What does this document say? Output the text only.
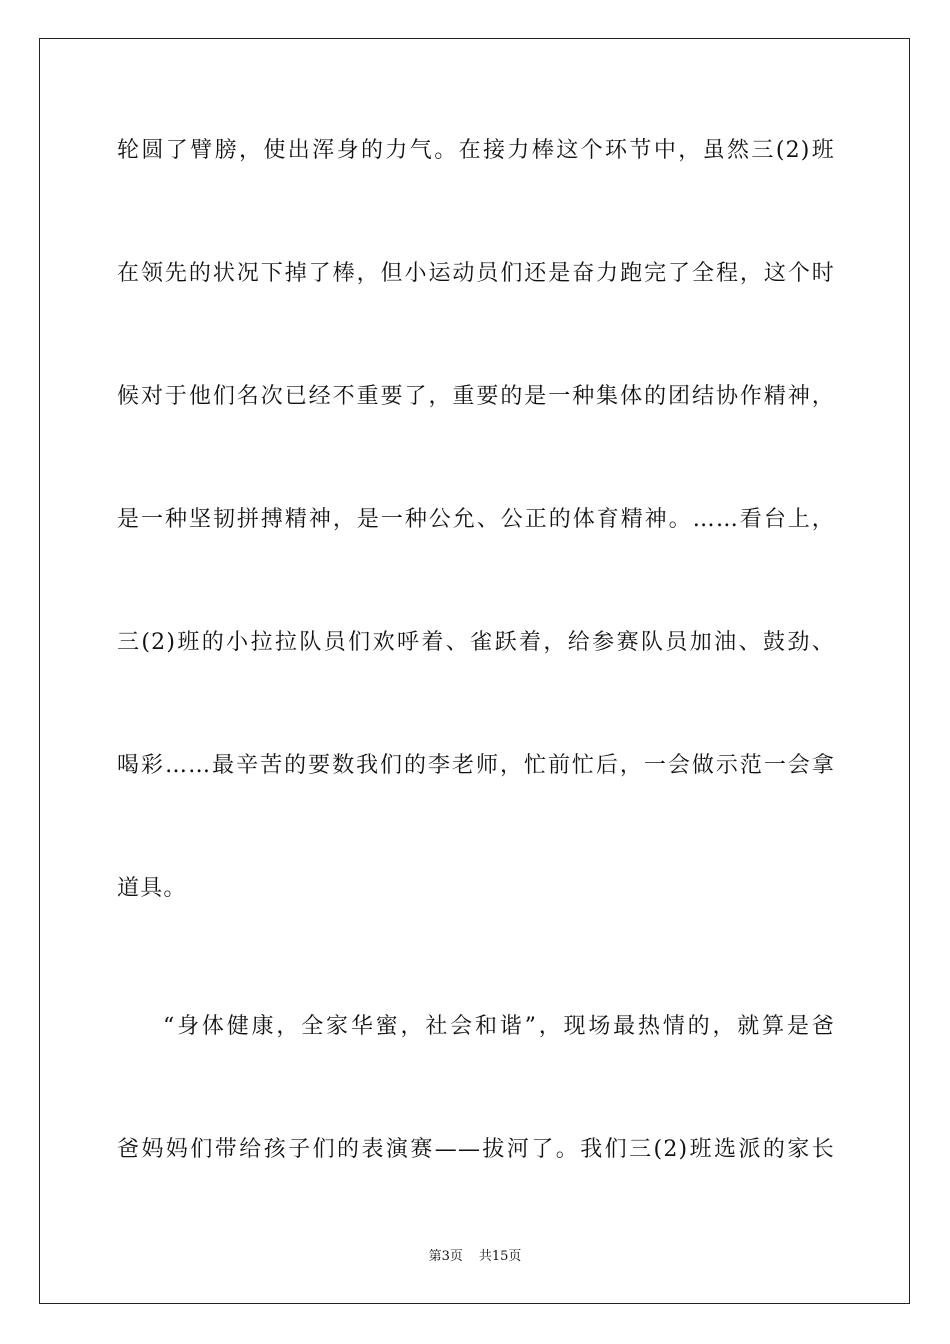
轮圆了臂膀，使出浑身的力气。在接力棒这个环节中，虽然三(2)班
在领先的状况下掉了棒，但小运动员们还是奋力跑完了全程，这个时
候对于他们名次已经不重要了，重要的是一种集体的团结协作精神，
是一种坚韧拼搏精神，是一种公允、公正的体育精神。……看台上，
三(2)班的小拉拉队员们欢呼着、雀跃着，给参赛队员加油、鼓劲、
喝彩……最辛苦的要数我们的李老师，忙前忙后，一会做示范一会拿
道具。
“身体健康，全家华蜜，社会和谐”，现场最热情的，就算是爸
爸妈妈们带给孩子们的表演赛——拔河了。我们三(2)班选派的家长
第3页 共15页
